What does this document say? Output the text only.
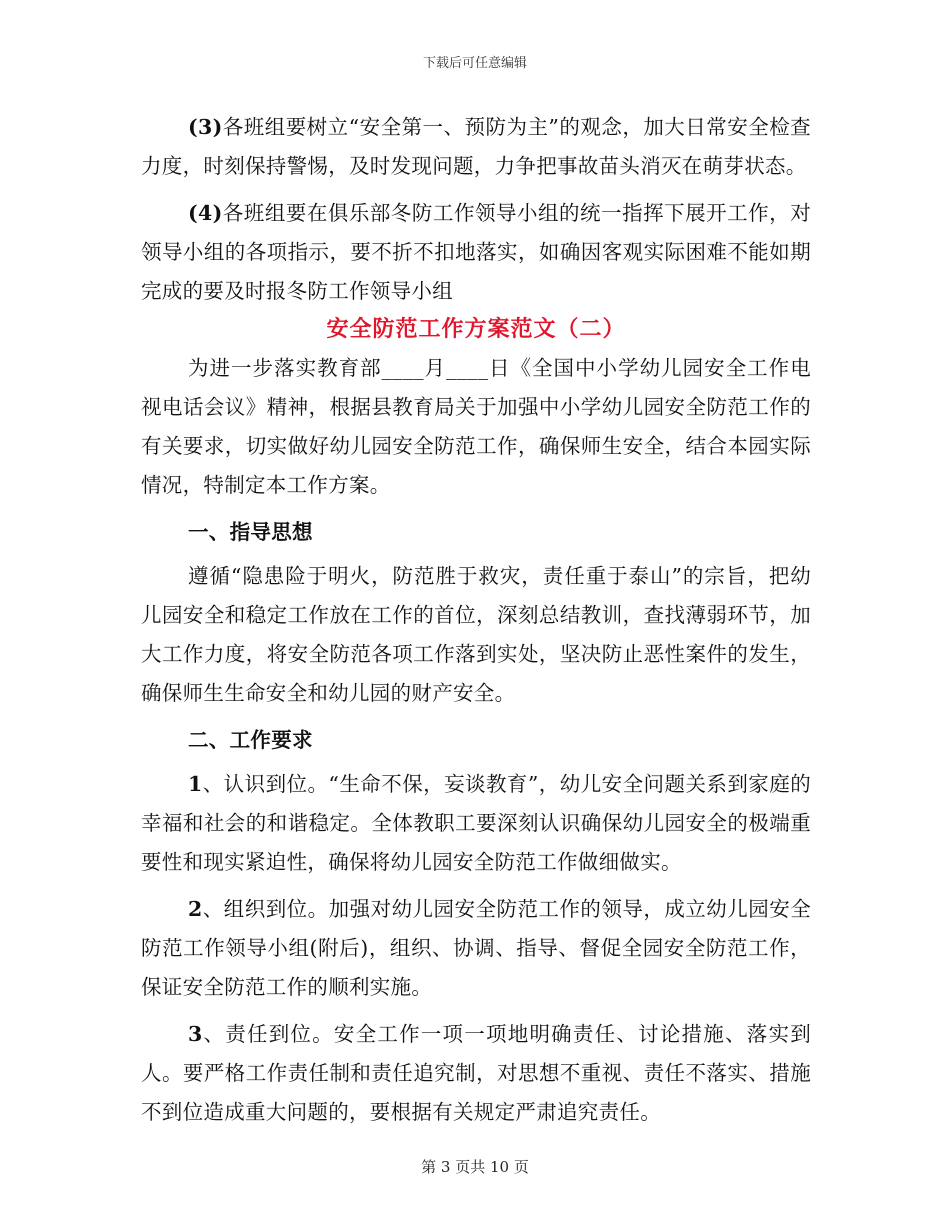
下载后可任意编辑

(3)各班组要树立“安全第一、预防为主”的观念，加大日常安全检查力度，时刻保持警惕，及时发现问题，力争把事故苗头消灭在萌芽状态。

(4)各班组要在俱乐部冬防工作领导小组的统一指挥下展开工作，对领导小组的各项指示，要不折不扣地落实，如确因客观实际困难不能如期完成的要及时报冬防工作领导小组

安全防范工作方案范文（二）

为进一步落实教育部____月____日《全国中小学幼儿园安全工作电视电话会议》精神，根据县教育局关于加强中小学幼儿园安全防范工作的有关要求，切实做好幼儿园安全防范工作，确保师生安全，结合本园实际情况，特制定本工作方案。

一、指导思想

遵循“隐患险于明火，防范胜于救灾，责任重于泰山”的宗旨，把幼儿园安全和稳定工作放在工作的首位，深刻总结教训，查找薄弱环节，加大工作力度，将安全防范各项工作落到实处，坚决防止恶性案件的发生，确保师生生命安全和幼儿园的财产安全。

二、工作要求

1、认识到位。“生命不保，妄谈教育”，幼儿安全问题关系到家庭的幸福和社会的和谐稳定。全体教职工要深刻认识确保幼儿园安全的极端重要性和现实紧迫性，确保将幼儿园安全防范工作做细做实。

2、组织到位。加强对幼儿园安全防范工作的领导，成立幼儿园安全防范工作领导小组(附后)，组织、协调、指导、督促全园安全防范工作，保证安全防范工作的顺利实施。

3、责任到位。安全工作一项一项地明确责任、讨论措施、落实到人。要严格工作责任制和责任追究制，对思想不重视、责任不落实、措施不到位造成重大问题的，要根据有关规定严肃追究责任。

第 3 页共 10 页
